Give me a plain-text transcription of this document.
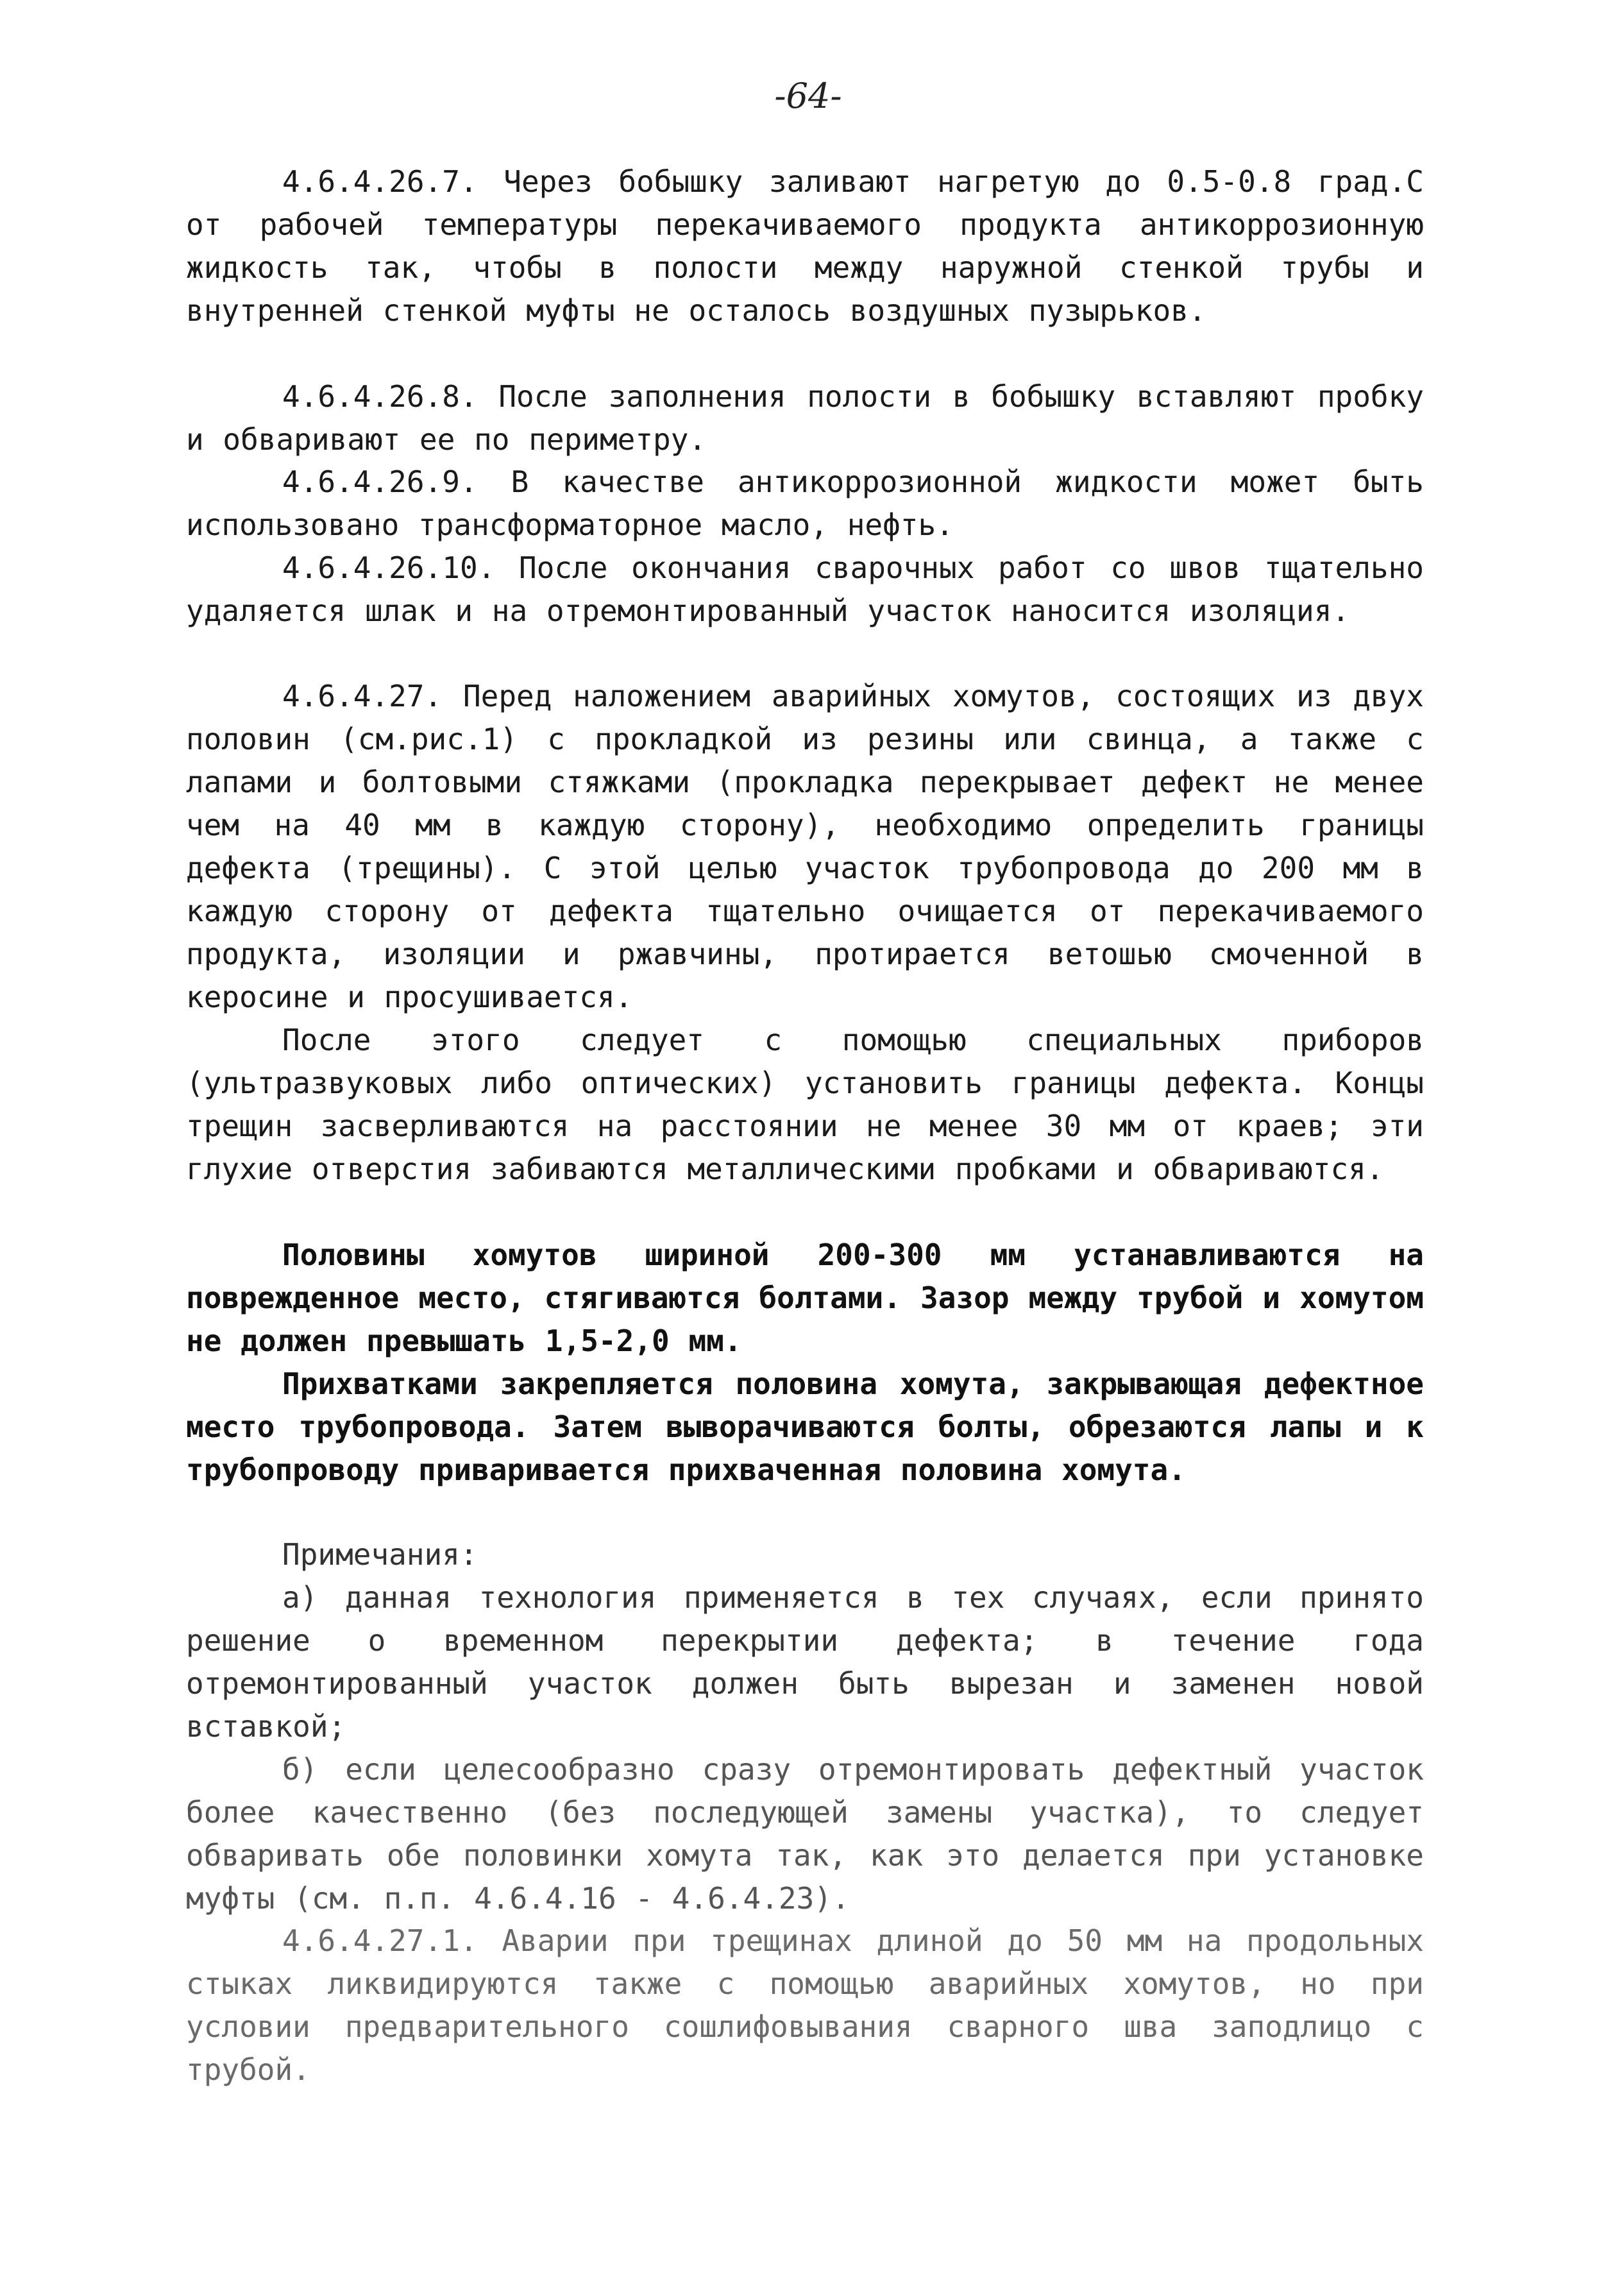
-64-
4.6.4.26.7. Через бобышку заливают нагретую до 0.5-0.8 град.С от рабочей температуры перекачиваемого продукта антикоррозионную жидкость так, чтобы в полости между наружной стенкой трубы и внутренней стенкой муфты не осталось воздушных пузырьков.
4.6.4.26.8. После заполнения полости в бобышку вставляют пробку и обваривают ее по периметру.
4.6.4.26.9. В качестве антикоррозионной жидкости может быть использовано трансформаторное масло, нефть.
4.6.4.26.10. После окончания сварочных работ со швов тщательно удаляется шлак и на отремонтированный участок наносится изоляция.
4.6.4.27. Перед наложением аварийных хомутов, состоящих из двух половин (см.рис.1) с прокладкой из резины или свинца, а также с лапами и болтовыми стяжками (прокладка перекрывает дефект не менее чем на 40 мм в каждую сторону), необходимо определить границы дефекта (трещины). С этой целью участок трубопровода до 200 мм в каждую сторону от дефекта тщательно очищается от перекачиваемого продукта, изоляции и ржавчины, протирается ветошью смоченной в керосине и просушивается.
После этого следует с помощью специальных приборов (ультразвуковых либо оптических) установить границы дефекта. Концы трещин засверливаются на расстоянии не менее 30 мм от краев; эти глухие отверстия забиваются металлическими пробками и обвариваются.
Половины хомутов шириной 200-300 мм устанавливаются на поврежденное место, стягиваются болтами. Зазор между трубой и хомутом не должен превышать 1,5-2,0 мм.
Прихватками закрепляется половина хомута, закрывающая дефектное место трубопровода. Затем выворачиваются болты, обрезаются лапы и к трубопроводу приваривается прихваченная половина хомута.
Примечания:
а) данная технология применяется в тех случаях, если принято решение о временном перекрытии дефекта; в течение года отремонтированный участок должен быть вырезан и заменен новой вставкой;
б) если целесообразно сразу отремонтировать дефектный участок более качественно (без последующей замены участка), то следует обваривать обе половинки хомута так, как это делается при установке муфты (см. п.п. 4.6.4.16 - 4.6.4.23).
4.6.4.27.1. Аварии при трещинах длиной до 50 мм на продольных стыках ликвидируются также с помощью аварийных хомутов, но при условии предварительного сошлифовывания сварного шва заподлицо с трубой.
